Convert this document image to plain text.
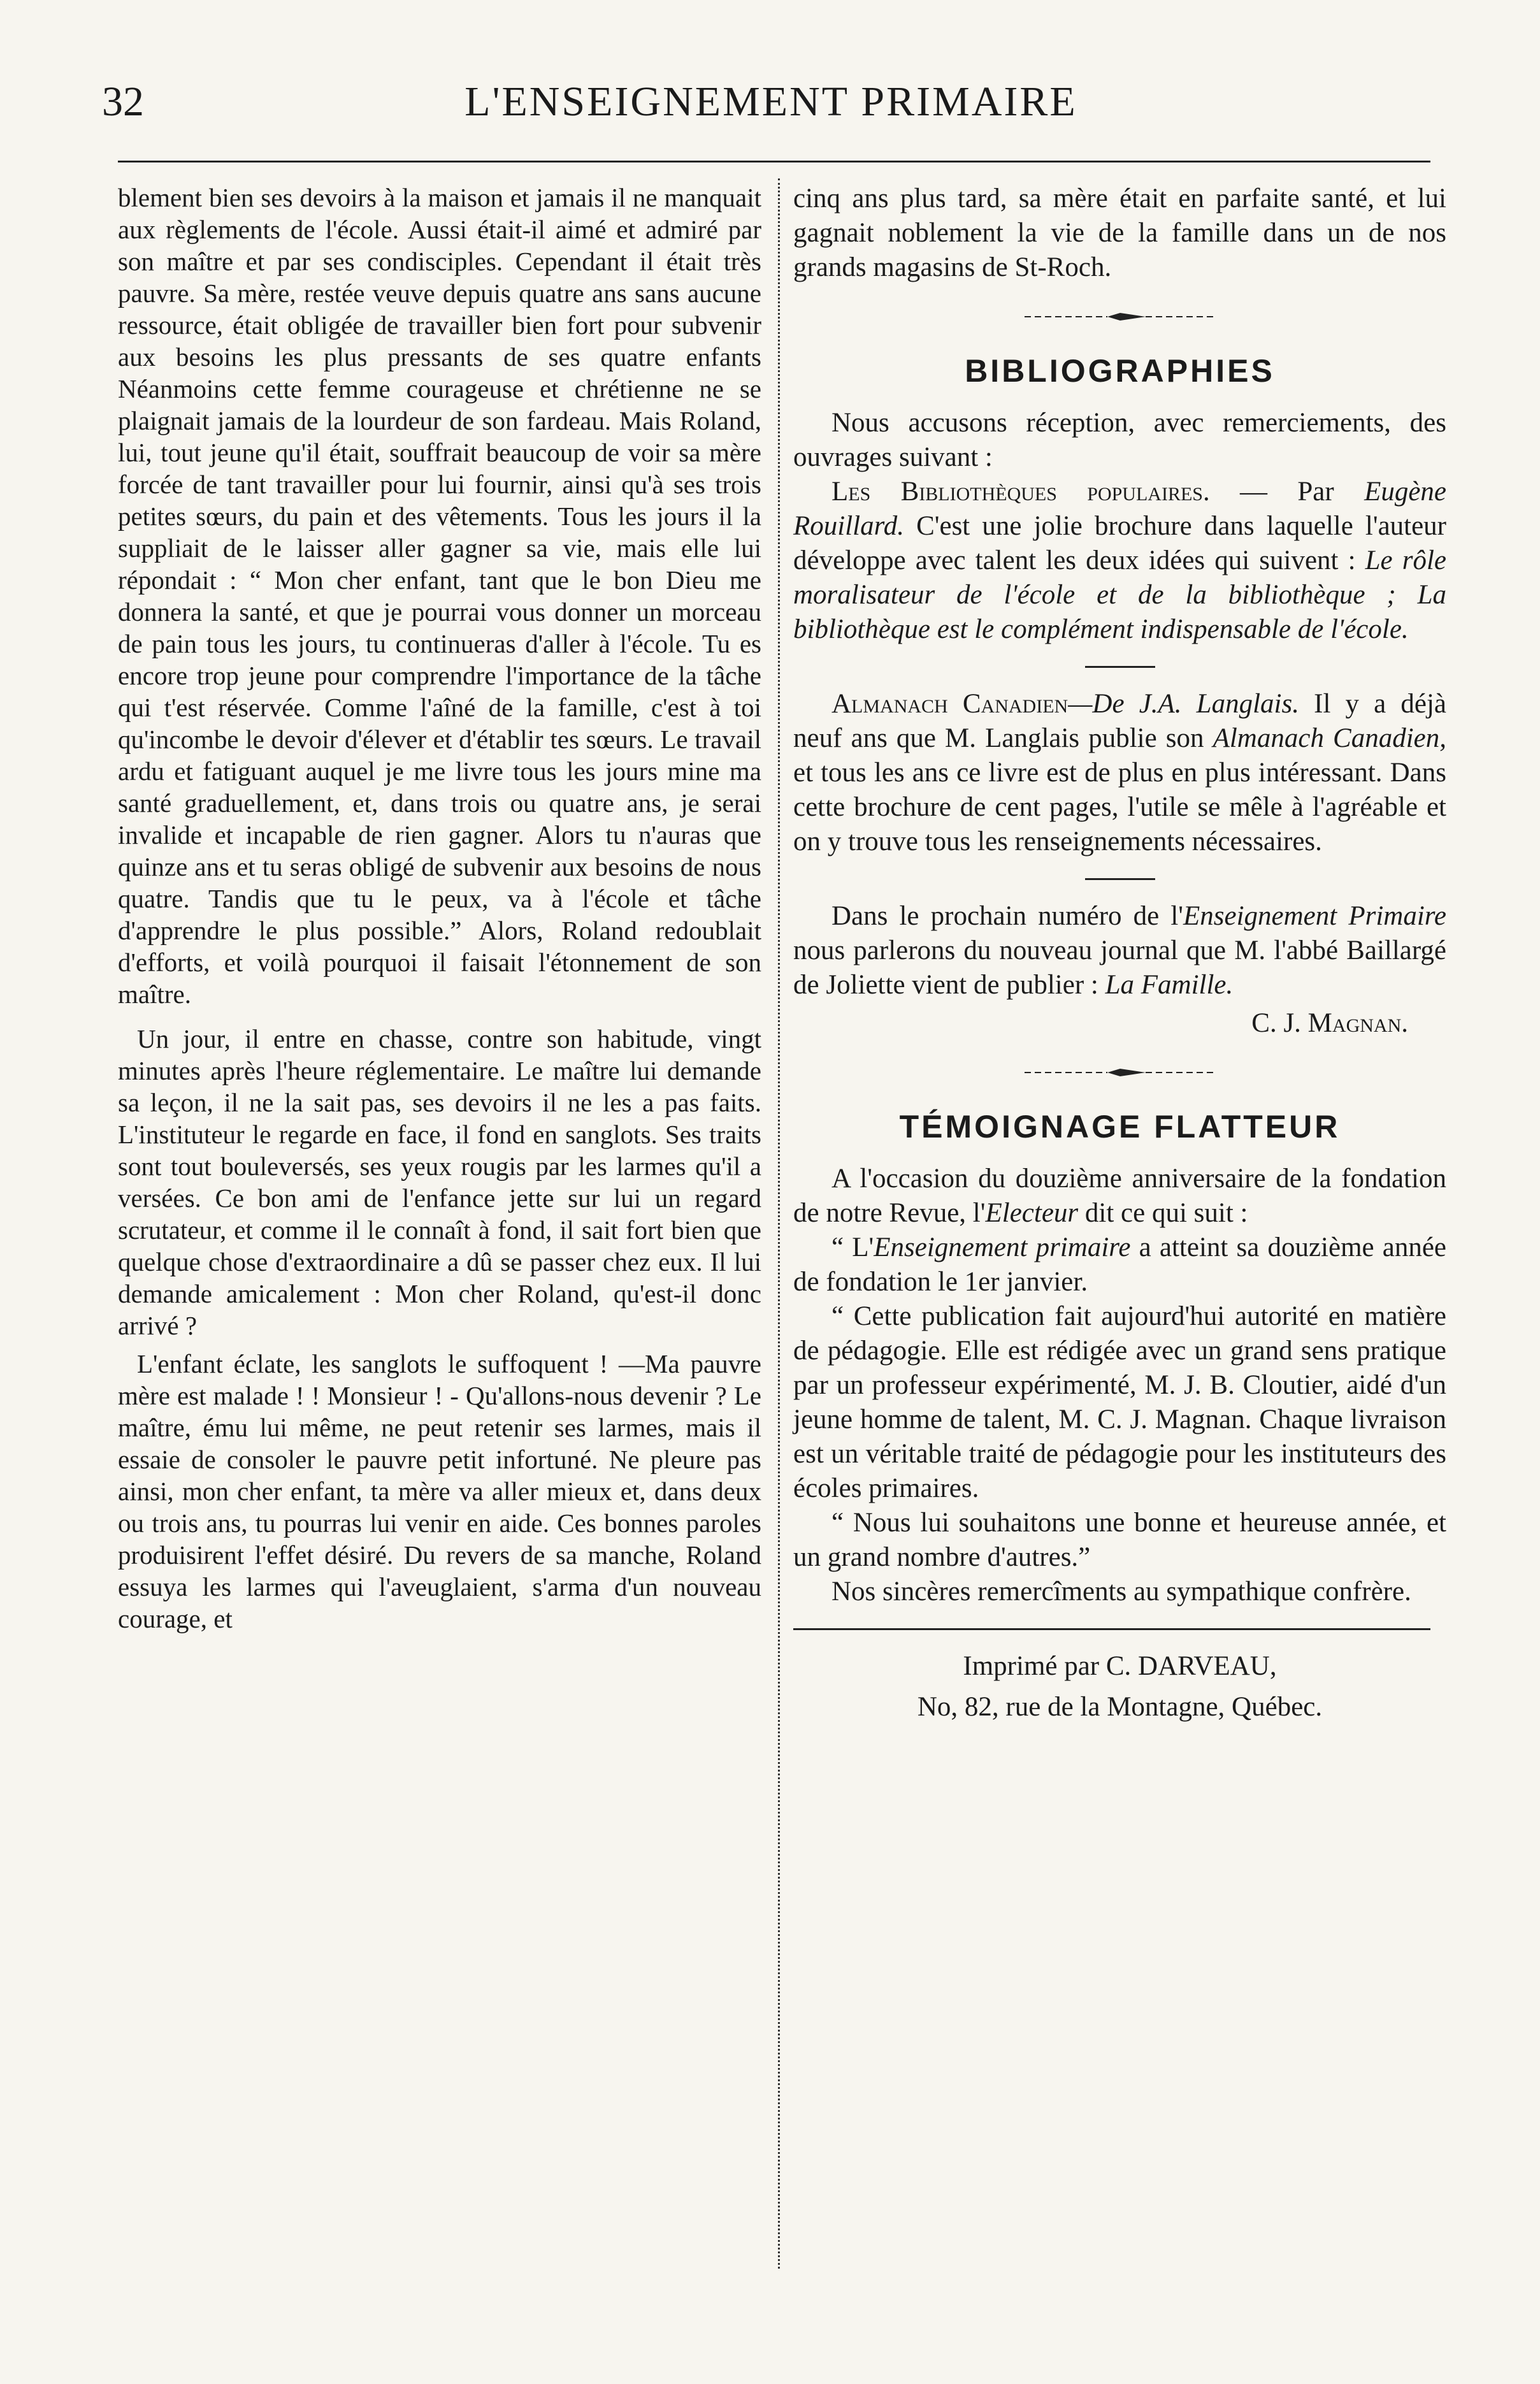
32	L'ENSEIGNEMENT PRIMAIRE

blement bien ses devoirs à la maison et jamais il ne manquait aux règlements de l'école. Aussi était-il aimé et admiré par son maître et par ses condisciples. Cependant il était très pauvre. Sa mère, restée veuve depuis quatre ans sans aucune ressource, était obligée de travailler bien fort pour subvenir aux besoins les plus pressants de ses quatre enfants Néanmoins cette femme courageuse et chrétienne ne se plaignait jamais de la lourdeur de son fardeau. Mais Roland, lui, tout jeune qu'il était, souffrait beaucoup de voir sa mère forcée de tant travailler pour lui fournir, ainsi qu'à ses trois petites sœurs, du pain et des vêtements. Tous les jours il la suppliait de le laisser aller gagner sa vie, mais elle lui répondait : “ Mon cher enfant, tant que le bon Dieu me donnera la santé, et que je pourrai vous donner un morceau de pain tous les jours, tu continueras d'aller à l'école. Tu es encore trop jeune pour comprendre l'importance de la tâche qui t'est réservée. Comme l'aîné de la famille, c'est à toi qu'incombe le devoir d'élever et d'établir tes sœurs. Le travail ardu et fatiguant auquel je me livre tous les jours mine ma santé graduellement, et, dans trois ou quatre ans, je serai invalide et incapable de rien gagner. Alors tu n'auras que quinze ans et tu seras obligé de subvenir aux besoins de nous quatre. Tandis que tu le peux, va à l'école et tâche d'apprendre le plus possible.” Alors, Roland redoublait d'efforts, et voilà pourquoi il faisait l'étonnement de son maître.

Un jour, il entre en chasse, contre son habitude, vingt minutes après l'heure réglementaire. Le maître lui demande sa leçon, il ne la sait pas, ses devoirs il ne les a pas faits. L'instituteur le regarde en face, il fond en sanglots. Ses traits sont tout bouleversés, ses yeux rougis par les larmes qu'il a versées. Ce bon ami de l'enfance jette sur lui un regard scrutateur, et comme il le connaît à fond, il sait fort bien que quelque chose d'extraordinaire a dû se passer chez eux. Il lui demande amicalement : Mon cher Roland, qu'est-il donc arrivé ?

L'enfant éclate, les sanglots le suffoquent ! —Ma pauvre mère est malade ! ! Monsieur ! - Qu'allons-nous devenir ? Le maître, ému lui même, ne peut retenir ses larmes, mais il essaie de consoler le pauvre petit infortuné. Ne pleure pas ainsi, mon cher enfant, ta mère va aller mieux et, dans deux ou trois ans, tu pourras lui venir en aide. Ces bonnes paroles produisirent l'effet désiré. Du revers de sa manche, Roland essuya les larmes qui l'aveuglaient, s'arma d'un nouveau courage, et

cinq ans plus tard, sa mère était en parfaite santé, et lui gagnait noblement la vie de la famille dans un de nos grands magasins de St-Roch.

BIBLIOGRAPHIES

Nous accusons réception, avec remerciements, des ouvrages suivant :

Les Bibliothèques populaires. — Par Eugène Rouillard. C'est une jolie brochure dans laquelle l'auteur développe avec talent les deux idées qui suivent : Le rôle moralisateur de l'école et de la bibliothèque ; La bibliothèque est le complément indispensable de l'école.

Almanach Canadien—De J.A. Langlais. Il y a déjà neuf ans que M. Langlais publie son Almanach Canadien, et tous les ans ce livre est de plus en plus intéressant. Dans cette brochure de cent pages, l'utile se mêle à l'agréable et on y trouve tous les renseignements nécessaires.

Dans le prochain numéro de l'Enseignement Primaire nous parlerons du nouveau journal que M. l'abbé Baillargé de Joliette vient de publier : La Famille.

C. J. Magnan.

TÉMOIGNAGE FLATTEUR

A l'occasion du douzième anniversaire de la fondation de notre Revue, l'Electeur dit ce qui suit :

“ L'Enseignement primaire a atteint sa douzième année de fondation le 1er janvier.

“ Cette publication fait aujourd'hui autorité en matière de pédagogie. Elle est rédigée avec un grand sens pratique par un professeur expérimenté, M. J. B. Cloutier, aidé d'un jeune homme de talent, M. C. J. Magnan. Chaque livraison est un véritable traité de pédagogie pour les instituteurs des écoles primaires.

“ Nous lui souhaitons une bonne et heureuse année, et un grand nombre d'autres.”

Nos sincères remercîments au sympathique confrère.

Imprimé par C. DARVEAU,

No, 82, rue de la Montagne, Québec.
